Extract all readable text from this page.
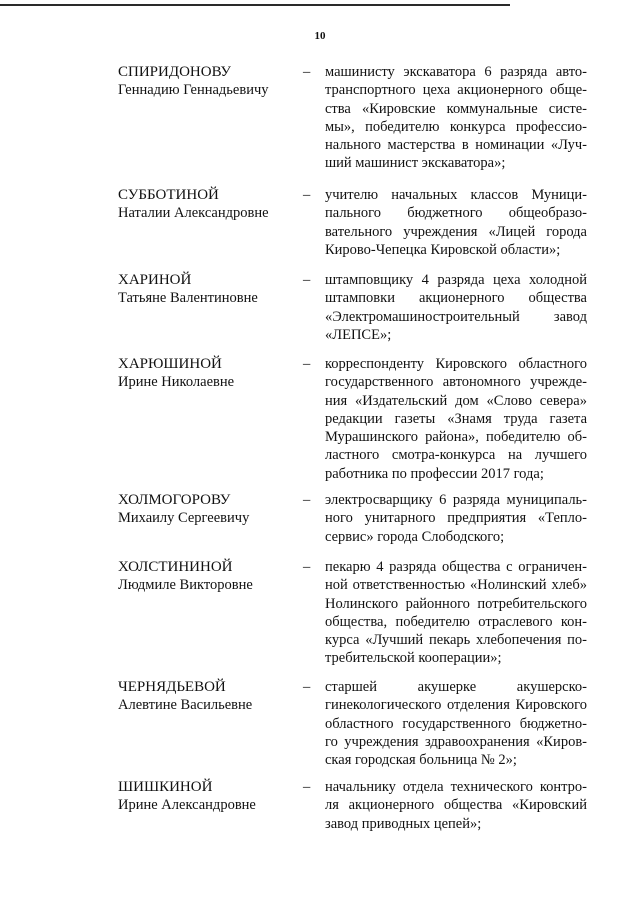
10
СПИРИДОНОВУ
Геннадию Геннадьевичу
– машинисту экскаватора 6 разряда авто-транспортного цеха акционерного обще-ства «Кировские коммунальные систе-мы», победителю конкурса профессио-нального мастерства в номинации «Луч-ший машинист экскаватора»;
СУББОТИНОЙ
Наталии Александровне
– учителю начальных классов Муници-пального бюджетного общеобразо-вательного учреждения «Лицей города Кирово-Чепецка Кировской области»;
ХАРИНОЙ
Татьяне Валентиновне
– штамповщику 4 разряда цеха холодной штамповки акционерного общества «Электромашиностроительный завод «ЛЕПСЕ»;
ХАРЮШИНОЙ
Ирине Николаевне
– корреспонденту Кировского областного государственного автономного учрежде-ния «Издательский дом «Слово севера» редакции газеты «Знамя труда газета Мурашинского района», победителю об-ластного смотра-конкурса на лучшего работника по профессии 2017 года;
ХОЛМОГОРОВУ
Михаилу Сергеевичу
– электросварщику 6 разряда муниципаль-ного унитарного предприятия «Тепло-сервис» города Слободского;
ХОЛСТИНИНОЙ
Людмиле Викторовне
– пекарю 4 разряда общества с ограничен-ной ответственностью «Нолинский хлеб» Нолинского районного потребительского общества, победителю отраслевого кон-курса «Лучший пекарь хлебопечения по-требительской кооперации»;
ЧЕРНЯДЬЕВОЙ
Алевтине Васильевне
– старшей акушерке акушерско-гинекологического отделения Кировского областного государственного бюджетно-го учреждения здравоохранения «Киров-ская городская больница № 2»;
ШИШКИНОЙ
Ирине Александровне
– начальнику отдела технического контро-ля акционерного общества «Кировский завод приводных цепей»;
